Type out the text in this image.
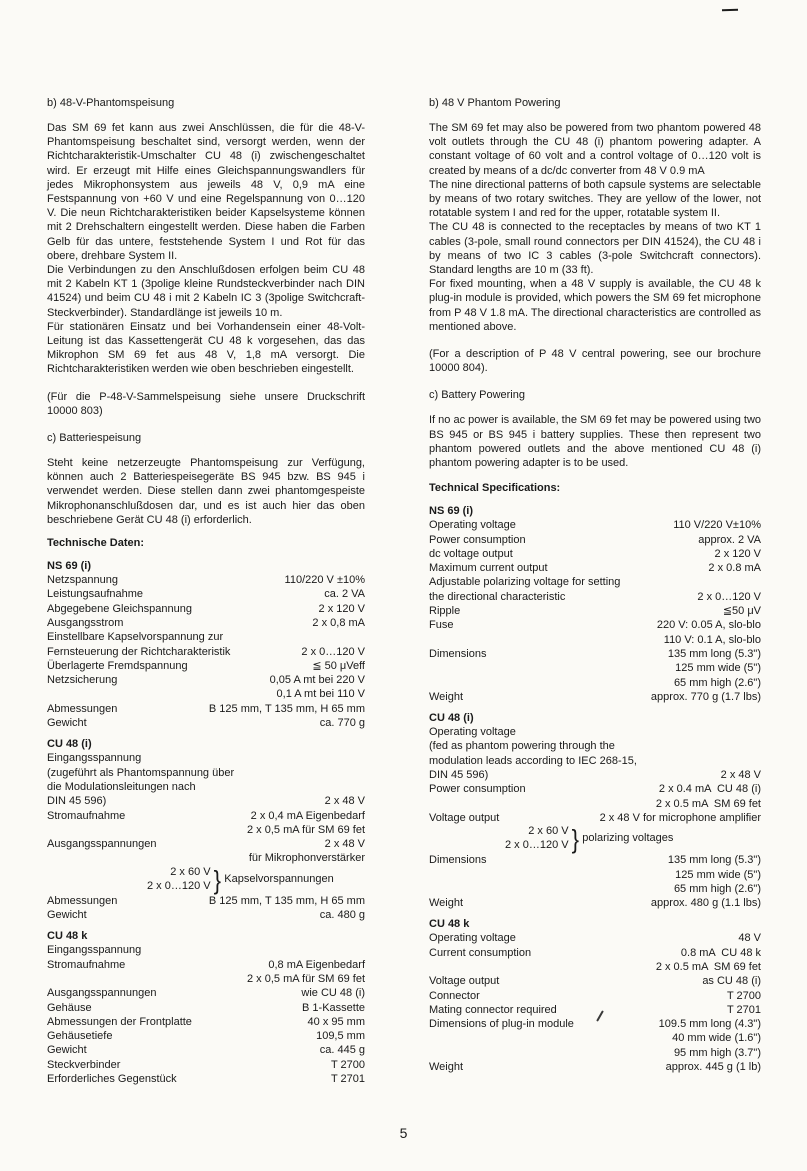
b) 48-V-Phantomspeisung

Das SM 69 fet kann aus zwei Anschlüssen, die für die 48-V-Phantomspeisung beschaltet sind, versorgt werden, wenn der Richtcharakteristik-Umschalter CU 48 (i) zwischengeschaltet wird. Er erzeugt mit Hilfe eines Gleichspannungswandlers für jedes Mikrophonsystem aus jeweils 48 V, 0,9 mA eine Festspannung von +60 V und eine Regelspannung von 0…120 V. Die neun Richtcharakteristiken beider Kapselsysteme können mit 2 Drehschaltern eingestellt werden. Diese haben die Farben Gelb für das untere, feststehende System I und Rot für das obere, drehbare System II.

Die Verbindungen zu den Anschlußdosen erfolgen beim CU 48 mit 2 Kabeln KT 1 (3polige kleine Rundsteckverbinder nach DIN 41524) und beim CU 48 i mit 2 Kabeln IC 3 (3polige Switchcraft-Steckverbinder). Standardlänge ist jeweils 10 m.

Für stationären Einsatz und bei Vorhandensein einer 48-Volt-Leitung ist das Kassettengerät CU 48 k vorgesehen, das das Mikrophon SM 69 fet aus 48 V, 1,8 mA versorgt. Die Richtcharakteristiken werden wie oben beschrieben eingestellt.

(Für die P-48-V-Sammelspeisung siehe unsere Druckschrift 10000 803)

c) Batteriespeisung

Steht keine netzerzeugte Phantomspeisung zur Verfügung, können auch 2 Batteriespeisegeräte BS 945 bzw. BS 945 i verwendet werden. Diese stellen dann zwei phantomgespeiste Mikrophonanschlußdosen dar, und es ist auch hier das oben beschriebene Gerät CU 48 (i) erforderlich.

Technische Daten:
NS 69 (i)
Netzspannung	110/220 V ±10%
Leistungsaufnahme	ca. 2 VA
Abgegebene Gleichspannung	2 x 120 V
Ausgangsstrom	2 x 0,8 mA
Einstellbare Kapselvorspannung zur
Fernsteuerung der Richtcharakteristik	2 x 0…120 V
Überlagerte Fremdspannung	≦ 50 μVeff
Netzsicherung	0,05 A mt bei 220 V
0,1 A mt bei 110 V
Abmessungen	B 125 mm, T 135 mm, H 65 mm
Gewicht	ca. 770 g
CU 48 (i)
Eingangsspannung
(zugeführt als Phantomspannung über
die Modulationsleitungen nach
DIN 45 596)	2 x 48 V
Stromaufnahme	2 x 0,4 mA Eigenbedarf
2 x 0,5 mA für SM 69 fet
Ausgangsspannungen	2 x 48 V
für Mikrophonverstärker
2 x 60 V
2 x 0…120 V } Kapselvorspannungen
Abmessungen	B 125 mm, T 135 mm, H 65 mm
Gewicht	ca. 480 g
CU 48 k
Eingangsspannung
Stromaufnahme	0,8 mA Eigenbedarf
2 x 0,5 mA für SM 69 fet
Ausgangsspannungen	wie CU 48 (i)
Gehäuse	B 1-Kassette
Abmessungen der Frontplatte	40 x 95 mm
Gehäusetiefe	109,5 mm
Gewicht	ca. 445 g
Steckverbinder	T 2700
Erforderliches Gegenstück	T 2701
b) 48 V Phantom Powering

The SM 69 fet may also be powered from two phantom powered 48 volt outlets through the CU 48 (i) phantom powering adapter. A constant voltage of 60 volt and a control voltage of 0…120 volt is created by means of a dc/dc converter from 48 V 0.9 mA

The nine directional patterns of both capsule systems are selectable by means of two rotary switches. They are yellow of the lower, not rotatable system I and red for the upper, rotatable system II.

The CU 48 is connected to the receptacles by means of two KT 1 cables (3-pole, small round connectors per DIN 41524), the CU 48 i by means of two IC 3 cables (3-pole Switchcraft connectors). Standard lengths are 10 m (33 ft).

For fixed mounting, when a 48 V supply is available, the CU 48 k plug-in module is provided, which powers the SM 69 fet microphone from P 48 V 1.8 mA. The directional characteristics are controlled as mentioned above.

(For a description of P 48 V central powering, see our brochure 10000 804).

c) Battery Powering

If no ac power is available, the SM 69 fet may be powered using two BS 945 or BS 945 i battery supplies. These then represent two phantom powered outlets and the above mentioned CU 48 (i) phantom powering adapter is to be used.

Technical Specifications:
NS 69 (i)
Operating voltage	110 V/220 V±10%
Power consumption	approx. 2 VA
dc voltage output	2 x 120 V
Maximum current output	2 x 0.8 mA
Adjustable polarizing voltage for setting
the directional characteristic	2 x 0…120 V
Ripple	≦50 μV
Fuse	220 V: 0.05 A, slo-blo
110 V: 0.1 A, slo-blo
Dimensions	135 mm long (5.3")
125 mm wide (5")
65 mm high (2.6")
Weight	approx. 770 g (1.7 lbs)
CU 48 (i)
Operating voltage
(fed as phantom powering through the
modulation leads according to IEC 268-15,
DIN 45 596)	2 x 48 V
Power consumption	2 x 0.4 mA  CU 48 (i)
2 x 0.5 mA  SM 69 fet
Voltage output	2 x 48 V for microphone amplifier
2 x 60 V
2 x 0…120 V } polarizing voltages
Dimensions	135 mm long (5.3")
125 mm wide (5")
65 mm high (2.6")
Weight	approx. 480 g (1.1 lbs)
CU 48 k
Operating voltage	48 V
Current consumption	0.8 mA  CU 48 k
2 x 0.5 mA  SM 69 fet
Voltage output	as CU 48 (i)
Connector	T 2700
Mating connector required	T 2701
Dimensions of plug-in module	109.5 mm long (4.3")
40 mm wide (1.6")
95 mm high (3.7")
Weight	approx. 445 g (1 lb)
5
